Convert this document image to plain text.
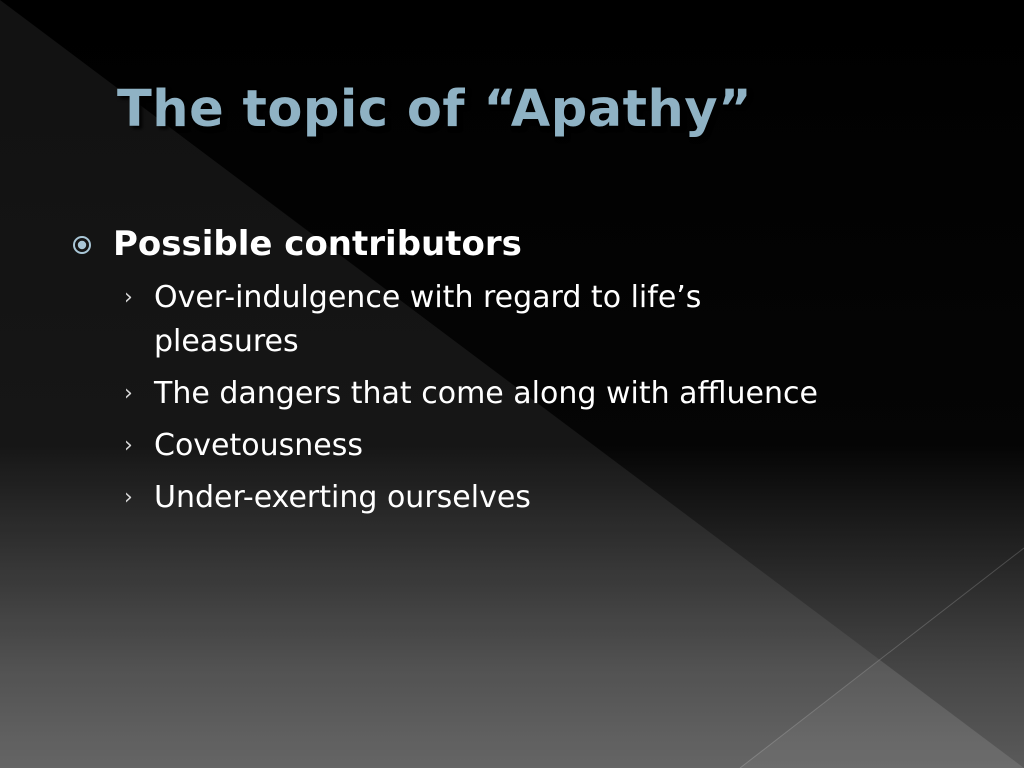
The topic of “Apathy”
Possible contributors
› Over-indulgence with regard to life’s pleasures
› The dangers that come along with affluence
› Covetousness
› Under-exerting ourselves
